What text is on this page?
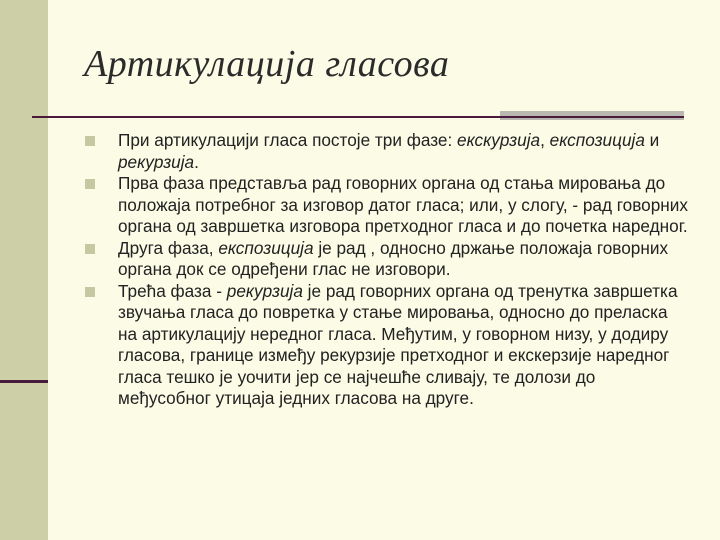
Артикулација гласова
При артикулацији гласа постоје три фазе: екскурзија, експозиција и рекурзија.
Прва фаза представља рад говорних органа од стања мировања до положаја потребног за изговор датог гласа; или, у слогу, - рад говорних органа од завршетка изговора претходног гласа и до почетка наредног.
Друга фаза, експозиција је рад , односно држање положаја говорних органа док се одређени глас не изговори.
Трећа фаза - рекурзија је рад говорних органа од тренутка завршетка звучања гласа до повретка у стање мировања, односно до преласка на артикулацију нередног гласа. Међутим, у говорном низу, у додиру гласова, границе између рекурзије претходног и екскерзије наредног гласа тешко је уочити јер се најчешће сливају, те долози до међусобног утицаја једних гласова на друге.
